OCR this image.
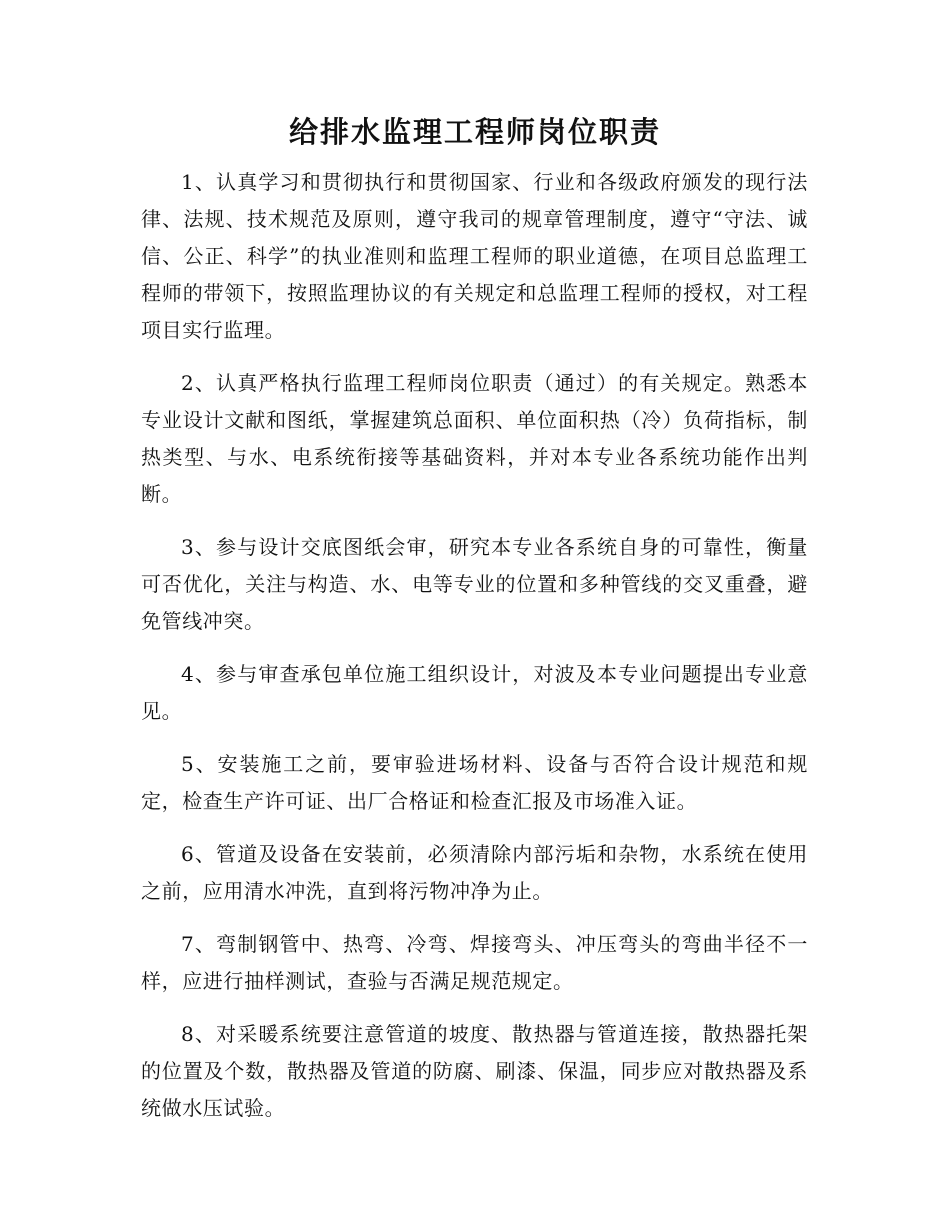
给排水监理工程师岗位职责

1、认真学习和贯彻执行和贯彻国家、行业和各级政府颁发的现行法律、法规、技术规范及原则，遵守我司的规章管理制度，遵守“守法、诚信、公正、科学”的执业准则和监理工程师的职业道德，在项目总监理工程师的带领下，按照监理协议的有关规定和总监理工程师的授权，对工程项目实行监理。

2、认真严格执行监理工程师岗位职责（通过）的有关规定。熟悉本专业设计文献和图纸，掌握建筑总面积、单位面积热（冷）负荷指标，制热类型、与水、电系统衔接等基础资料，并对本专业各系统功能作出判断。

3、参与设计交底图纸会审，研究本专业各系统自身的可靠性，衡量可否优化，关注与构造、水、电等专业的位置和多种管线的交叉重叠，避免管线冲突。

4、参与审查承包单位施工组织设计，对波及本专业问题提出专业意见。

5、安装施工之前，要审验进场材料、设备与否符合设计规范和规定，检查生产许可证、出厂合格证和检查汇报及市场准入证。

6、管道及设备在安装前，必须清除内部污垢和杂物，水系统在使用之前，应用清水冲洗，直到将污物冲净为止。

7、弯制钢管中、热弯、冷弯、焊接弯头、冲压弯头的弯曲半径不一样，应进行抽样测试，查验与否满足规范规定。

8、对采暖系统要注意管道的坡度、散热器与管道连接，散热器托架的位置及个数，散热器及管道的防腐、刷漆、保温，同步应对散热器及系统做水压试验。
